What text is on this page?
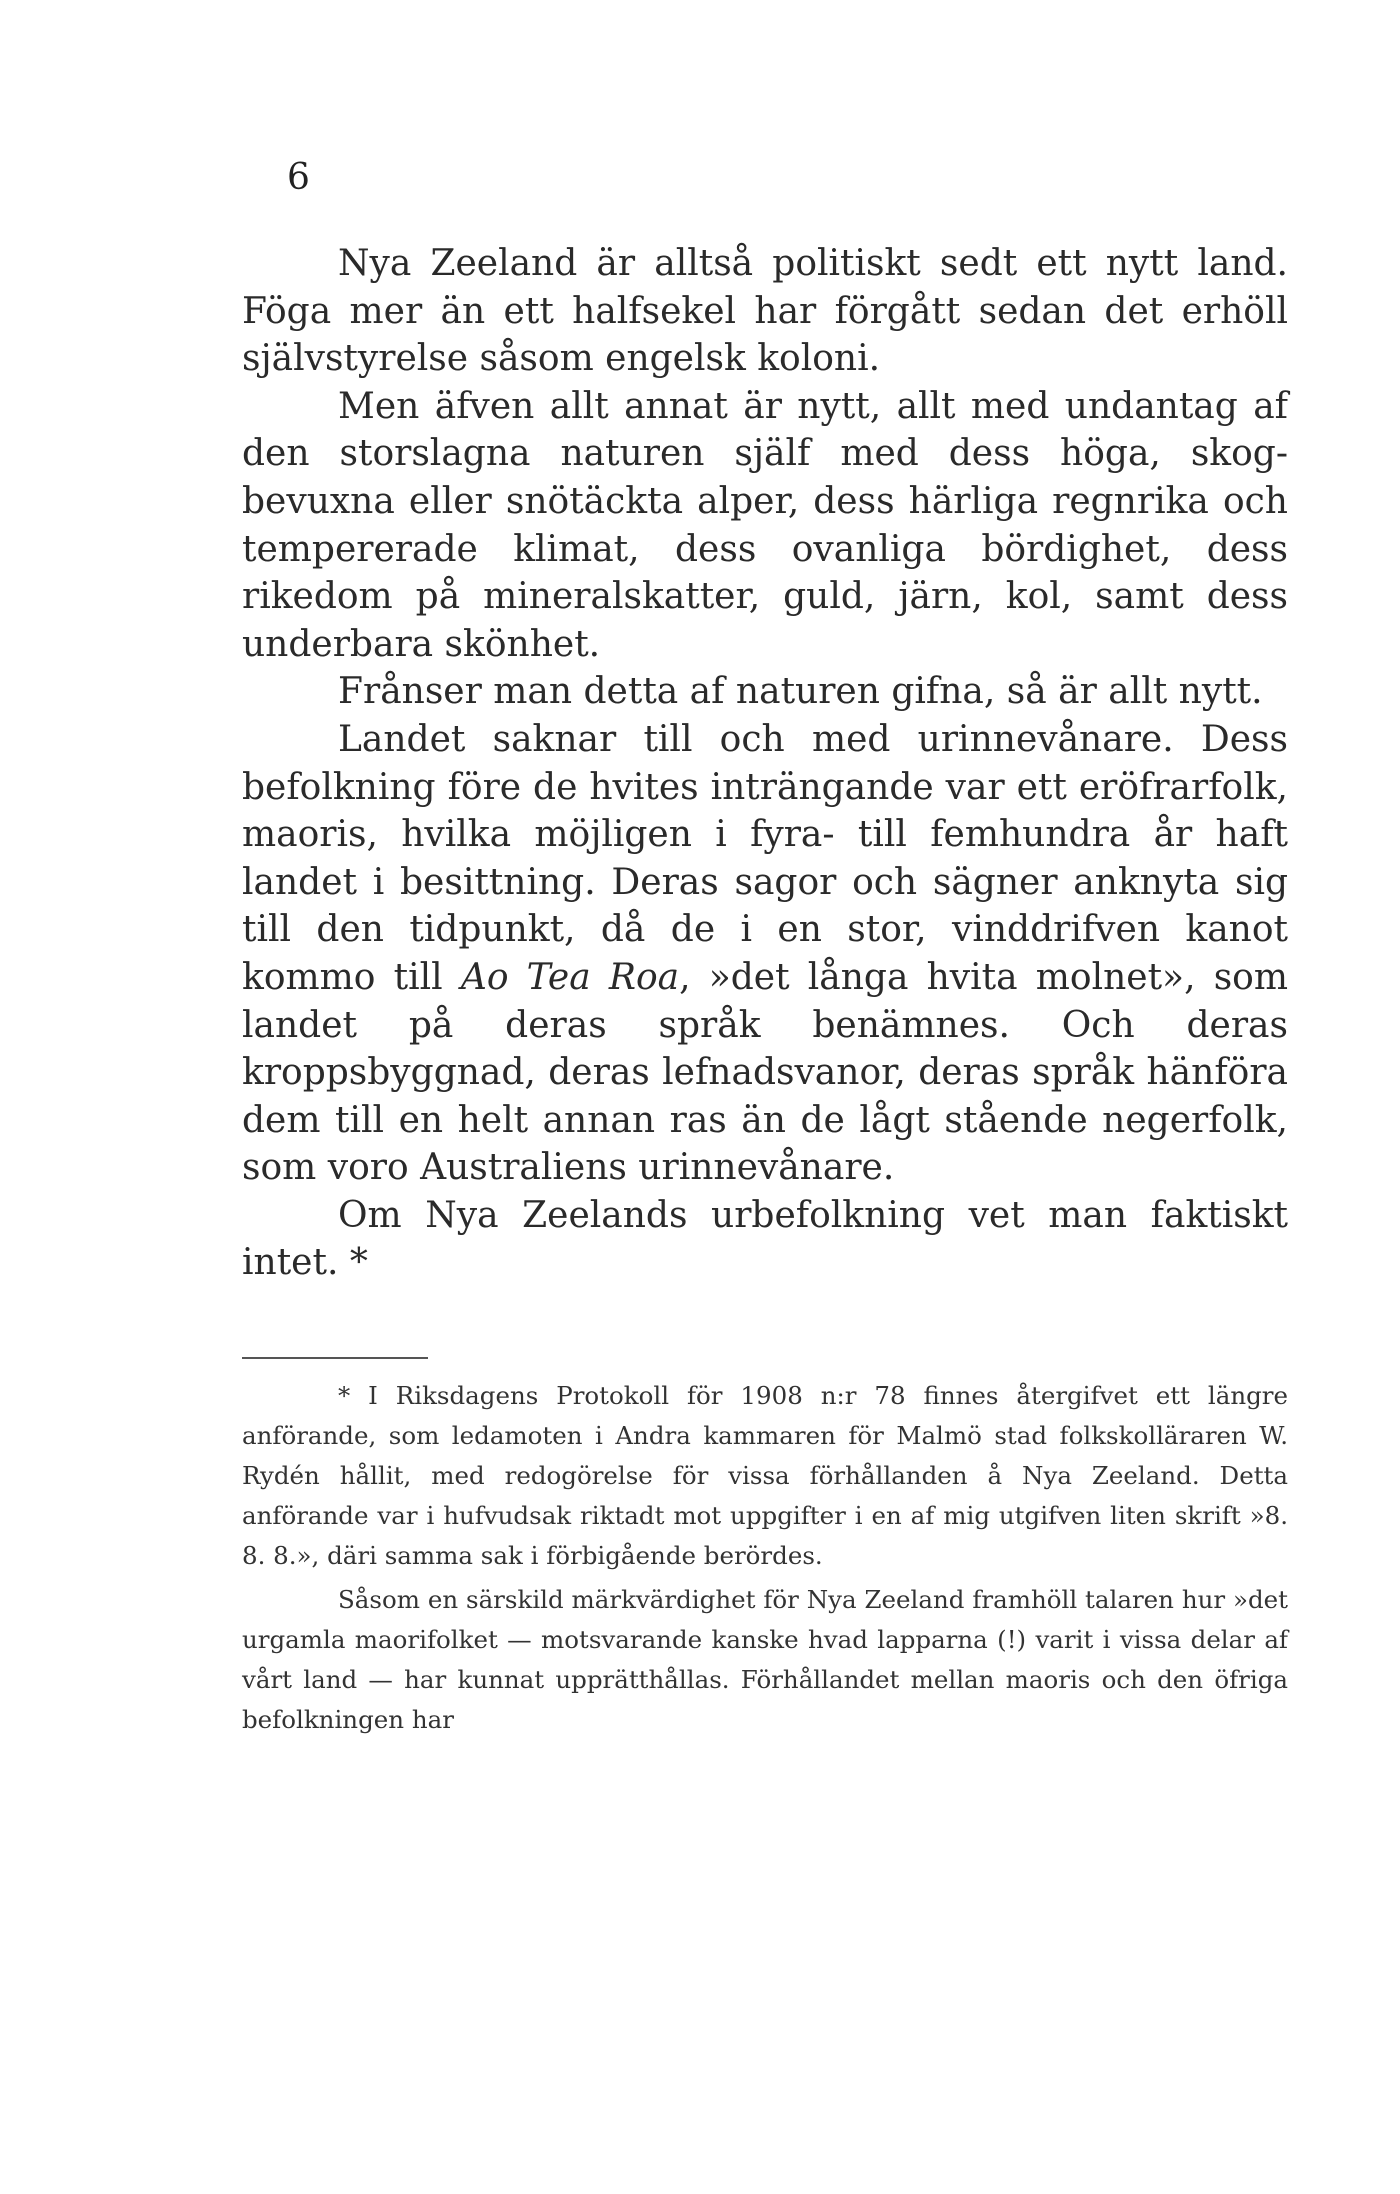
6

Nya Zeeland är alltså politiskt sedt ett nytt land. Föga mer än ett halfsekel har förgått sedan det erhöll självstyrelse såsom engelsk koloni.

Men äfven allt annat är nytt, allt med undantag af den storslagna naturen själf med dess höga, skogbevuxna eller snötäckta alper, dess härliga regnrika och tempererade klimat, dess ovanliga bördighet, dess rikedom på mineralskatter, guld, järn, kol, samt dess underbara skönhet.

Frånser man detta af naturen gifna, så är allt nytt.

Landet saknar till och med urinnevånare. Dess befolkning före de hvites inträngande var ett eröfrarfolk, maoris, hvilka möjligen i fyra- till femhundra år haft landet i besittning. Deras sagor och sägner anknyta sig till den tidpunkt, då de i en stor, vinddrifven kanot kommo till Ao Tea Roa, »det långa hvita molnet», som landet på deras språk benämnes. Och deras kroppsbyggnad, deras lefnadsvanor, deras språk hänföra dem till en helt annan ras än de lågt stående negerfolk, som voro Australiens urinnevånare.

Om Nya Zeelands urbefolkning vet man faktiskt intet. *

* I Riksdagens Protokoll för 1908 n:r 78 finnes återgifvet ett längre anförande, som ledamoten i Andra kammaren för Malmö stad folkskolläraren W. Rydén hållit, med redogörelse för vissa förhållanden å Nya Zeeland. Detta anförande var i hufvudsak riktadt mot uppgifter i en af mig utgifven liten skrift »8. 8. 8.», däri samma sak i förbigående berördes.

Såsom en särskild märkvärdighet för Nya Zeeland framhöll talaren hur »det urgamla maorifolket — motsvarande kanske hvad lapparna (!) varit i vissa delar af vårt land — har kunnat upprätthållas. Förhållandet mellan maoris och den öfriga befolkningen har
